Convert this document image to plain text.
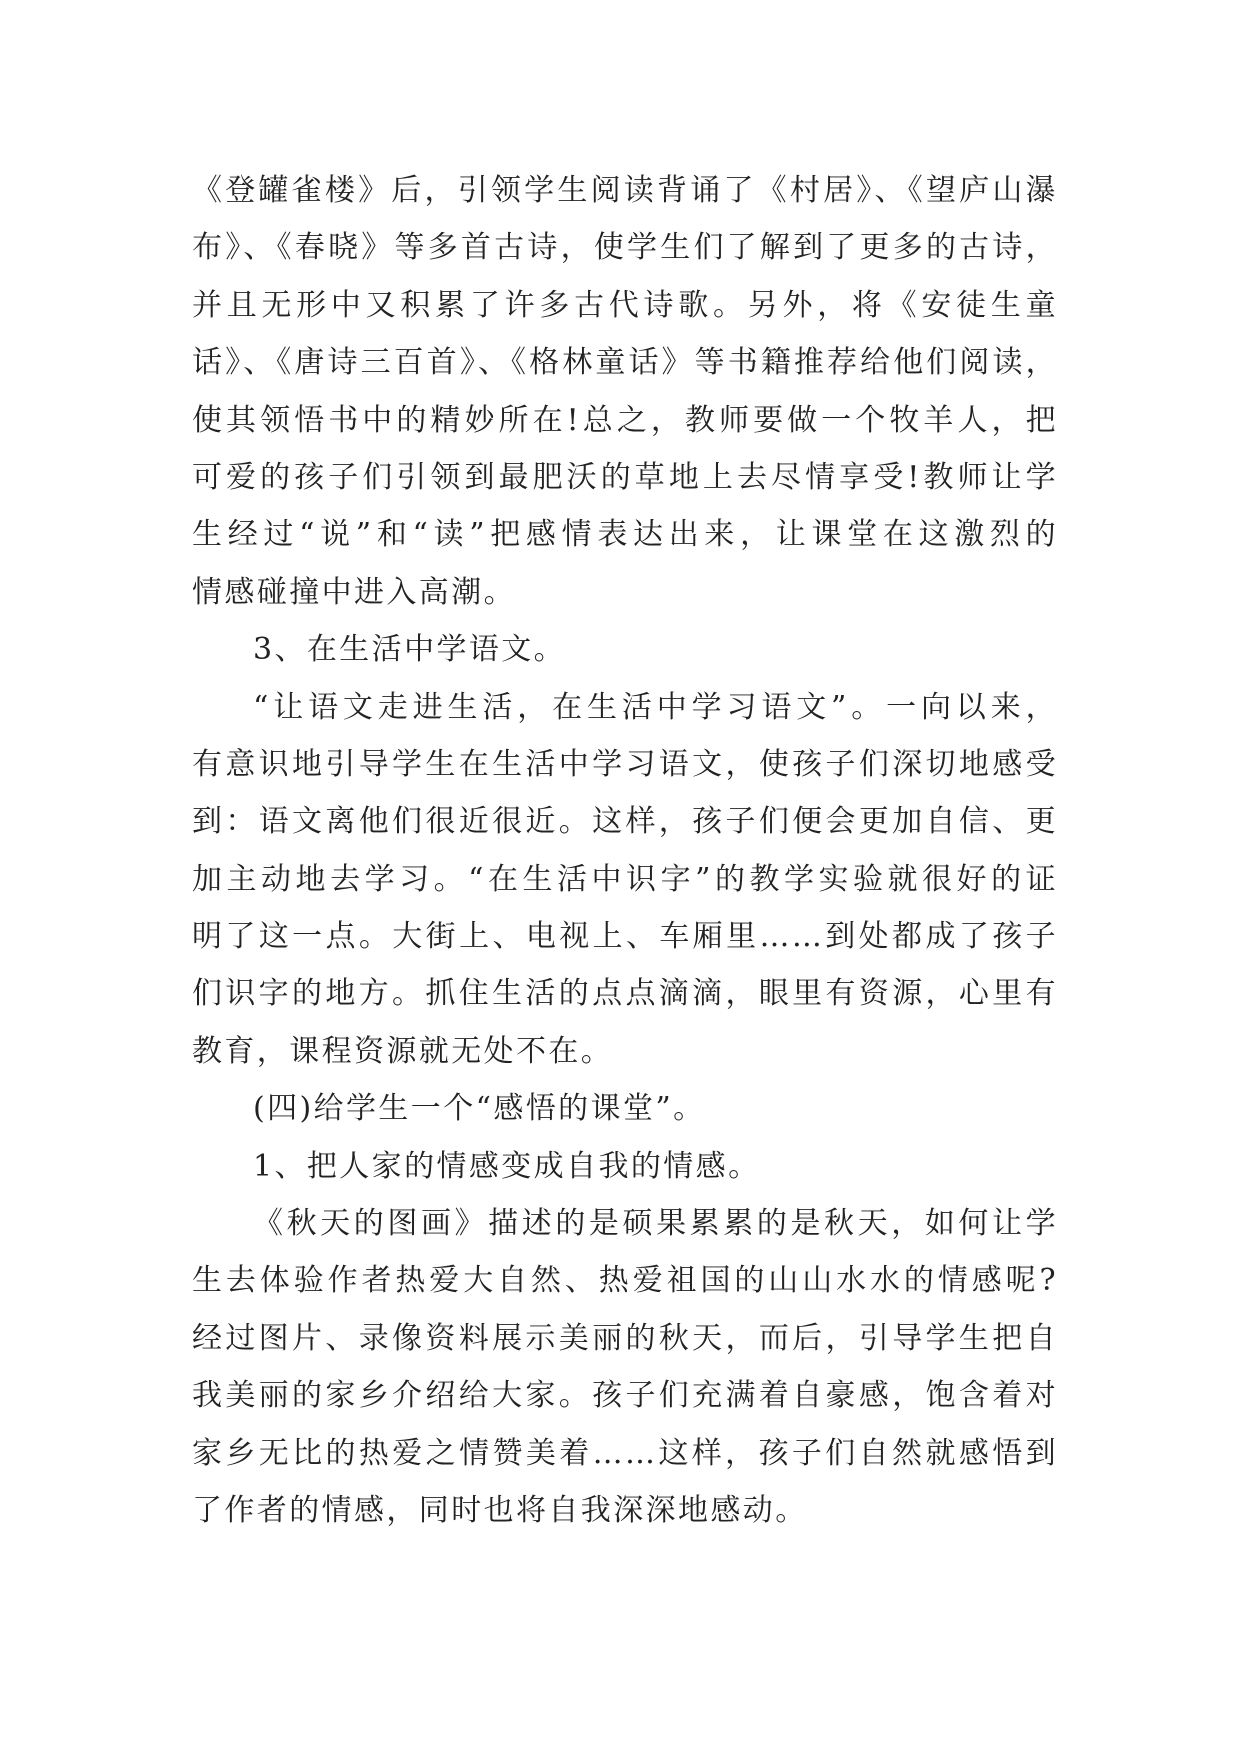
《登罐雀楼》后，引领学生阅读背诵了《村居》、《望庐山瀑
布》、《春晓》等多首古诗，使学生们了解到了更多的古诗，
并且无形中又积累了许多古代诗歌。另外，将《安徒生童
话》、《唐诗三百首》、《格林童话》等书籍推荐给他们阅读，
使其领悟书中的精妙所在!总之，教师要做一个牧羊人，把
可爱的孩子们引领到最肥沃的草地上去尽情享受!教师让学
生经过“说”和“读”把感情表达出来，让课堂在这激烈的
情感碰撞中进入高潮。
3、在生活中学语文。
“让语文走进生活，在生活中学习语文”。一向以来，
有意识地引导学生在生活中学习语文，使孩子们深切地感受
到：语文离他们很近很近。这样，孩子们便会更加自信、更
加主动地去学习。“在生活中识字”的教学实验就很好的证
明了这一点。大街上、电视上、车厢里……到处都成了孩子
们识字的地方。抓住生活的点点滴滴，眼里有资源，心里有
教育，课程资源就无处不在。
(四)给学生一个“感悟的课堂”。
1、把人家的情感变成自我的情感。
《秋天的图画》描述的是硕果累累的是秋天，如何让学
生去体验作者热爱大自然、热爱祖国的山山水水的情感呢?
经过图片、录像资料展示美丽的秋天，而后，引导学生把自
我美丽的家乡介绍给大家。孩子们充满着自豪感，饱含着对
家乡无比的热爱之情赞美着……这样，孩子们自然就感悟到
了作者的情感，同时也将自我深深地感动。
